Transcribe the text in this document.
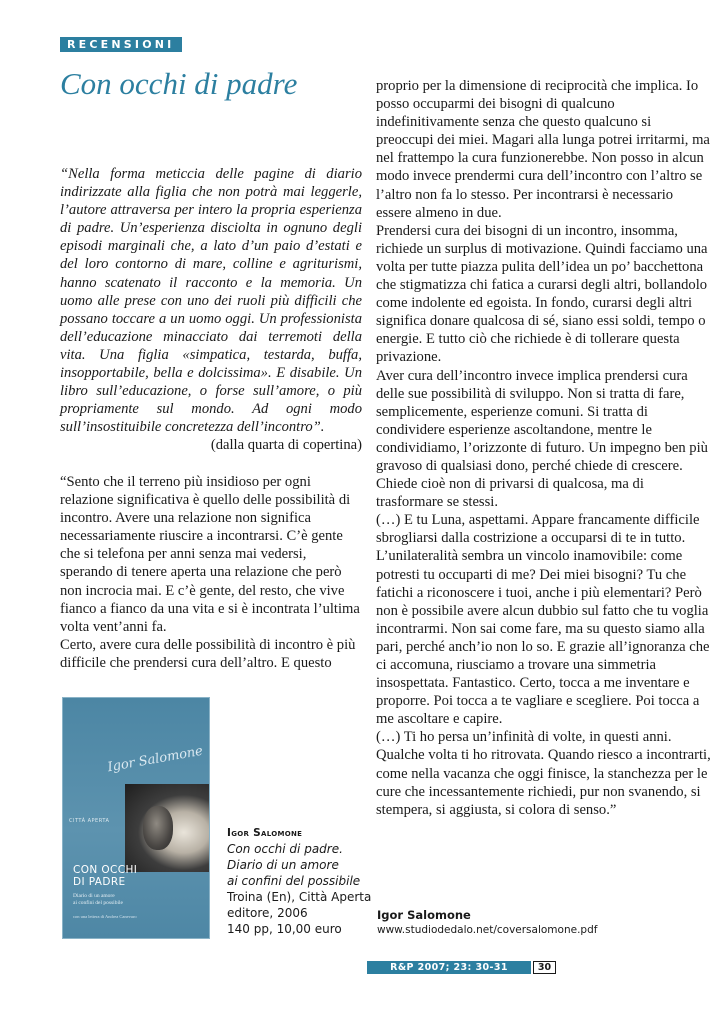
RECENSIONI
Con occhi di padre

“Nella forma meticcia delle pagine di diario indirizzate alla figlia che non potrà mai leggerle, l’autore attraversa per intero la propria esperienza di padre. Un’esperienza disciolta in ognuno degli episodi marginali che, a lato d’un paio d’estati e del loro contorno di mare, colline e agriturismi, hanno scatenato il racconto e la memoria. Un uomo alle prese con uno dei ruoli più difficili che possano toccare a un uomo oggi. Un professionista dell’educazione minacciato dai terremoti della vita. Una figlia «simpatica, testarda, buffa, insopportabile, bella e dolcissima». E disabile. Un libro sull’educazione, o forse sull’amore, o più propriamente sul mondo. Ad ogni modo sull’insostituibile concretezza dell’incontro”.

(dalla quarta di copertina)

“Sento che il terreno più insidioso per ogni relazione significativa è quello delle possibilità di incontro. Avere una relazione non significa necessariamente riuscire a incontrarsi. C’è gente che si telefona per anni senza mai vedersi, sperando di tenere aperta una relazione che però non incrocia mai. E c’è gente, del resto, che vive fianco a fianco da una vita e si è incontrata l’ultima volta vent’anni fa.

Certo, avere cura delle possibilità di incontro è più difficile che prendersi cura dell’altro. E questo

proprio per la dimensione di reciprocità che implica. Io posso occuparmi dei bisogni di qualcuno indefinitivamente senza che questo qualcuno si preoccupi dei miei. Magari alla lunga potrei irritarmi, ma nel frattempo la cura funzionerebbe. Non posso in alcun modo invece prendermi cura dell’incontro con l’altro se l’altro non fa lo stesso. Per incontrarsi è necessario essere almeno in due.

Prendersi cura dei bisogni di un incontro, insomma, richiede un surplus di motivazione. Quindi facciamo una volta per tutte piazza pulita dell’idea un po’ bacchettona che stigmatizza chi fatica a curarsi degli altri, bollandolo come indolente ed egoista. In fondo, curarsi degli altri significa donare qualcosa di sé, siano essi soldi, tempo o energie. E tutto ciò che richiede è di tollerare questa privazione.

Aver cura dell’incontro invece implica prendersi cura delle sue possibilità di sviluppo. Non si tratta di fare, semplicemente, esperienze comuni. Si tratta di condividere esperienze ascoltandone, mentre le condividiamo, l’orizzonte di futuro. Un impegno ben più gravoso di qualsiasi dono, perché chiede di crescere. Chiede cioè non di privarsi di qualcosa, ma di trasformare se stessi.

(…) E tu Luna, aspettami. Appare francamente difficile sbrogliarsi dalla costrizione a occuparsi di te in tutto. L’unilateralità sembra un vincolo inamovibile: come potresti tu occuparti di me? Dei miei bisogni? Tu che fatichi a riconoscere i tuoi, anche i più elementari? Però non è possibile avere alcun dubbio sul fatto che tu voglia incontrarmi. Non sai come fare, ma su questo siamo alla pari, perché anch’io non lo so. E grazie all’ignoranza che ci accomuna, riusciamo a trovare una simmetria insospettata. Fantastico. Certo, tocca a me inventare e proporre. Poi tocca a te vagliare e scegliere. Poi tocca a me ascoltare e capire.

(…) Ti ho persa un’infinità di volte, in questi anni. Qualche volta ti ho ritrovata. Quando riesco a incontrarti, come nella vacanza che oggi finisce, la stanchezza per le cure che incessantemente richiedi, pur non svanendo, si stempera, si aggiusta, si colora di senso.”

Igor Salomone
CITTÀ APERTA
CON OCCHI
DI PADRE
Diario di un amore
ai confini del possibile
con una lettera di Andrea Canevaro
Igor Salomone
Con occhi di padre.
Diario di un amore
ai confini del possibile
Troina (En), Città Aperta editore, 2006
140 pp, 10,00 euro
Igor Salomone
www.studiodedalo.net/coversalomone.pdf
R&P 2007; 23: 30-31	30
